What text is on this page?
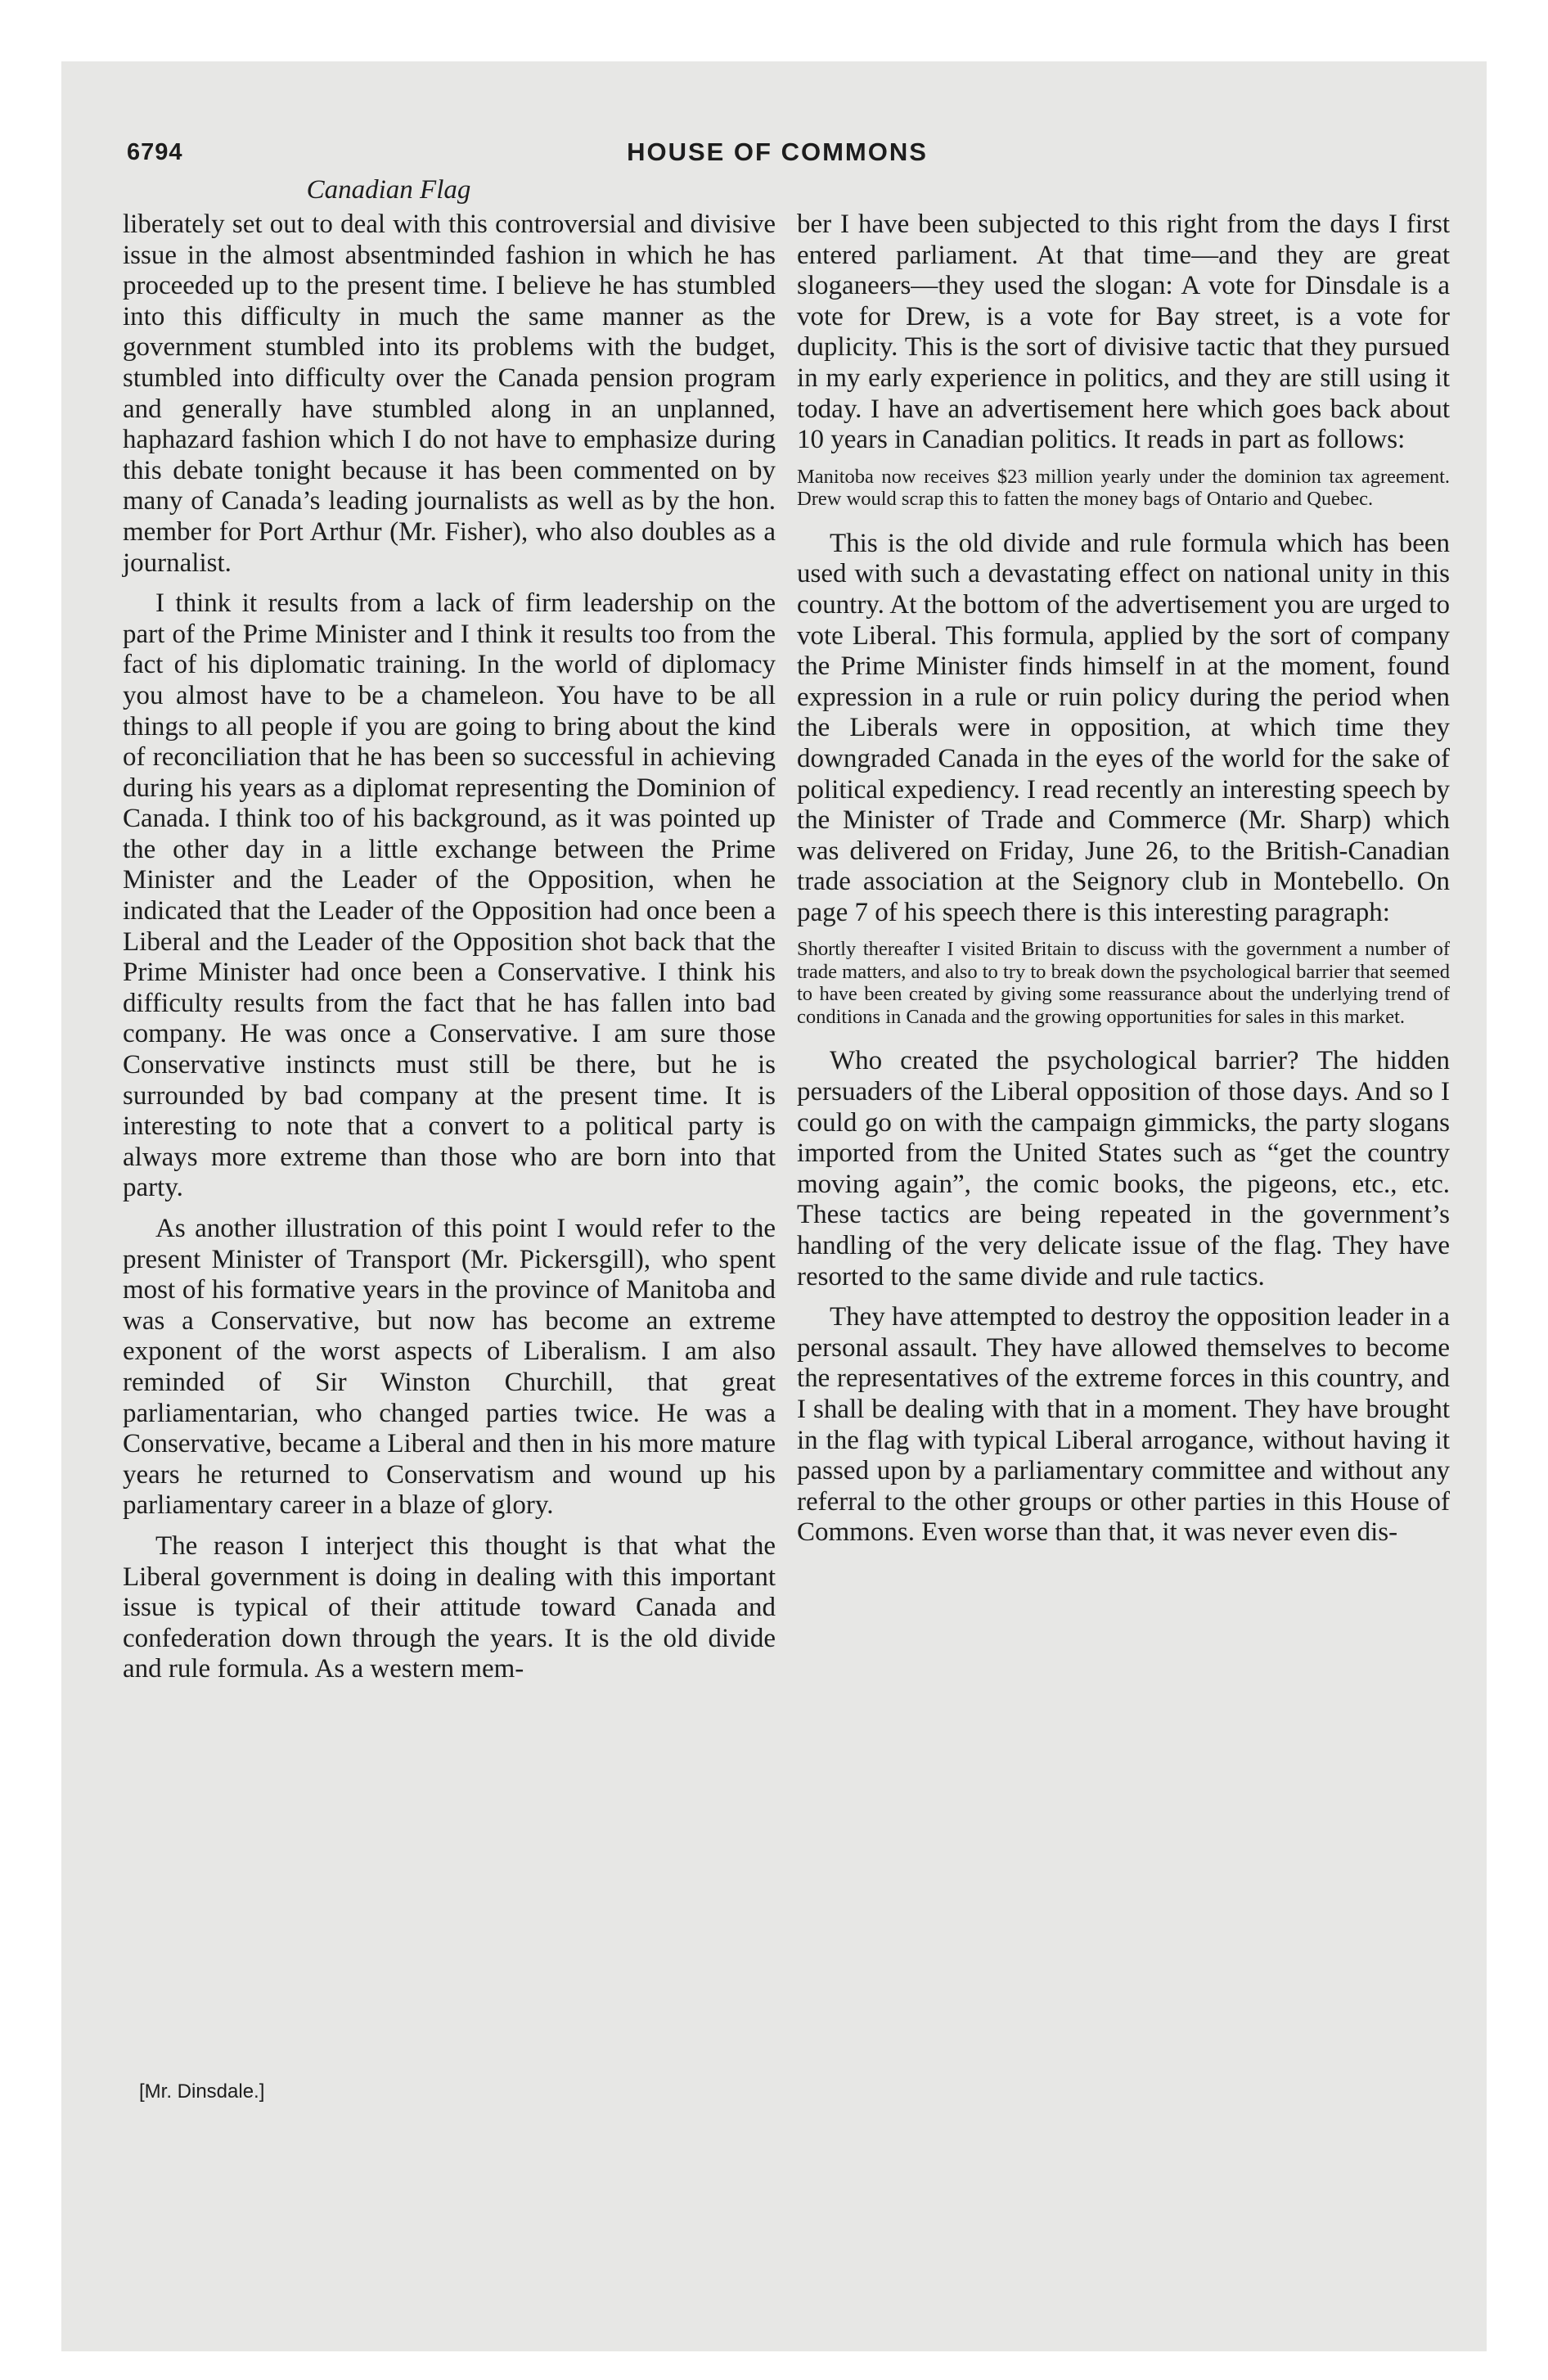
6794	HOUSE OF COMMONS
Canadian Flag

liberately set out to deal with this controversial and divisive issue in the almost absentminded fashion in which he has proceeded up to the present time. I believe he has stumbled into this difficulty in much the same manner as the government stumbled into its problems with the budget, stumbled into difficulty over the Canada pension program and generally have stumbled along in an unplanned, haphazard fashion which I do not have to emphasize during this debate tonight because it has been commented on by many of Canada’s leading journalists as well as by the hon. member for Port Arthur (Mr. Fisher), who also doubles as a journalist.

I think it results from a lack of firm leadership on the part of the Prime Minister and I think it results too from the fact of his diplomatic training. In the world of diplomacy you almost have to be a chameleon. You have to be all things to all people if you are going to bring about the kind of reconciliation that he has been so successful in achieving during his years as a diplomat representing the Dominion of Canada. I think too of his background, as it was pointed up the other day in a little exchange between the Prime Minister and the Leader of the Opposition, when he indicated that the Leader of the Opposition had once been a Liberal and the Leader of the Opposition shot back that the Prime Minister had once been a Conservative. I think his difficulty results from the fact that he has fallen into bad company. He was once a Conservative. I am sure those Conservative instincts must still be there, but he is surrounded by bad company at the present time. It is interesting to note that a convert to a political party is always more extreme than those who are born into that party.

As another illustration of this point I would refer to the present Minister of Transport (Mr. Pickersgill), who spent most of his formative years in the province of Manitoba and was a Conservative, but now has become an extreme exponent of the worst aspects of Liberalism. I am also reminded of Sir Winston Churchill, that great parliamentarian, who changed parties twice. He was a Conservative, became a Liberal and then in his more mature years he returned to Conservatism and wound up his parliamentary career in a blaze of glory.

The reason I interject this thought is that what the Liberal government is doing in dealing with this important issue is typical of their attitude toward Canada and confederation down through the years. It is the old divide and rule formula. As a western mem-

[Mr. Dinsdale.]

ber I have been subjected to this right from the days I first entered parliament. At that time—and they are great sloganeers—they used the slogan: A vote for Dinsdale is a vote for Drew, is a vote for Bay street, is a vote for duplicity. This is the sort of divisive tactic that they pursued in my early experience in politics, and they are still using it today. I have an advertisement here which goes back about 10 years in Canadian politics. It reads in part as follows:

Manitoba now receives $23 million yearly under the dominion tax agreement. Drew would scrap this to fatten the money bags of Ontario and Quebec.

This is the old divide and rule formula which has been used with such a devastating effect on national unity in this country. At the bottom of the advertisement you are urged to vote Liberal. This formula, applied by the sort of company the Prime Minister finds himself in at the moment, found expression in a rule or ruin policy during the period when the Liberals were in opposition, at which time they downgraded Canada in the eyes of the world for the sake of political expediency. I read recently an interesting speech by the Minister of Trade and Commerce (Mr. Sharp) which was delivered on Friday, June 26, to the British-Canadian trade association at the Seignory club in Montebello. On page 7 of his speech there is this interesting paragraph:

Shortly thereafter I visited Britain to discuss with the government a number of trade matters, and also to try to break down the psychological barrier that seemed to have been created by giving some reassurance about the underlying trend of conditions in Canada and the growing opportunities for sales in this market.

Who created the psychological barrier? The hidden persuaders of the Liberal opposition of those days. And so I could go on with the campaign gimmicks, the party slogans imported from the United States such as “get the country moving again”, the comic books, the pigeons, etc., etc. These tactics are being repeated in the government’s handling of the very delicate issue of the flag. They have resorted to the same divide and rule tactics.

They have attempted to destroy the opposition leader in a personal assault. They have allowed themselves to become the representatives of the extreme forces in this country, and I shall be dealing with that in a moment. They have brought in the flag with typical Liberal arrogance, without having it passed upon by a parliamentary committee and without any referral to the other groups or other parties in this House of Commons. Even worse than that, it was never even dis-
